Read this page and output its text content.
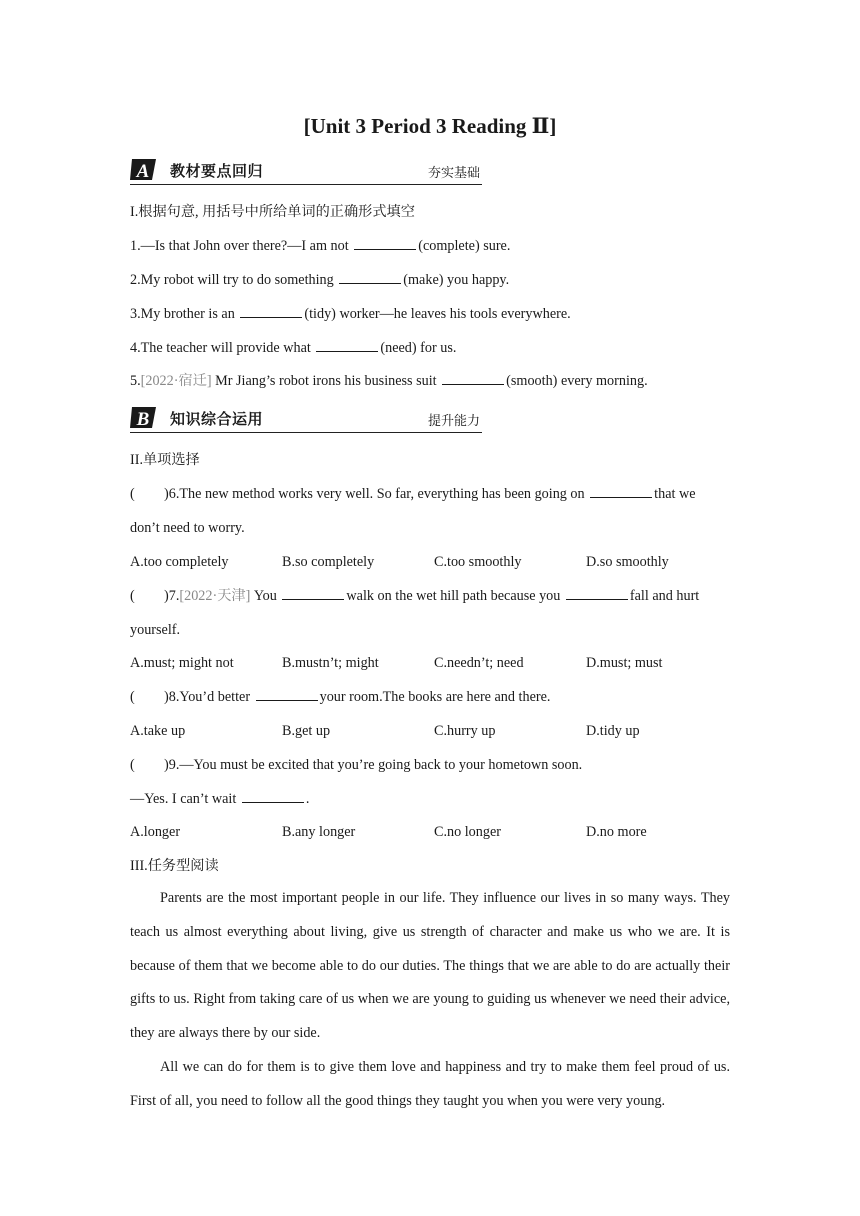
[Unit 3 Period 3 Reading Ⅱ]
A 教材要点回归	夯实基础
I.根据句意, 用括号中所给单词的正确形式填空
1.—Is that John over there?—I am not	(complete) sure.
2.My robot will try to do something	(make) you happy.
3.My brother is an	(tidy) worker—he leaves his tools everywhere.
4.The teacher will provide what	(need) for us.
5.[2022·宿迁] Mr Jiang’s robot irons his business suit	(smooth) every morning.
B 知识综合运用	提升能力
II.单项选择
( )6.The new method works very well. So far, everything has been going on	that we
don’t need to worry.
A.too completely	B.so completely	C.too smoothly	D.so smoothly
( )7.[2022·天津] You	walk on the wet hill path because you	fall and hurt
yourself.
A.must; might not	B.mustn’t; might	C.needn’t; need	D.must; must
( )8.You’d better	your room.The books are here and there.
A.take up	B.get up	C.hurry up	D.tidy up
( )9.—You must be excited that you’re going back to your hometown soon.
—Yes. I can’t wait	.
A.longer	B.any longer	C.no longer	D.no more
III.任务型阅读
Parents are the most important people in our life. They influence our lives in so many ways. They teach us almost everything about living, give us strength of character and make us who we are. It is because of them that we become able to do our duties. The things that we are able to do are actually their gifts to us. Right from taking care of us when we are young to guiding us whenever we need their advice, they are always there by our side.
All we can do for them is to give them love and happiness and try to make them feel proud of us. First of all, you need to follow all the good things they taught you when you were very young.
